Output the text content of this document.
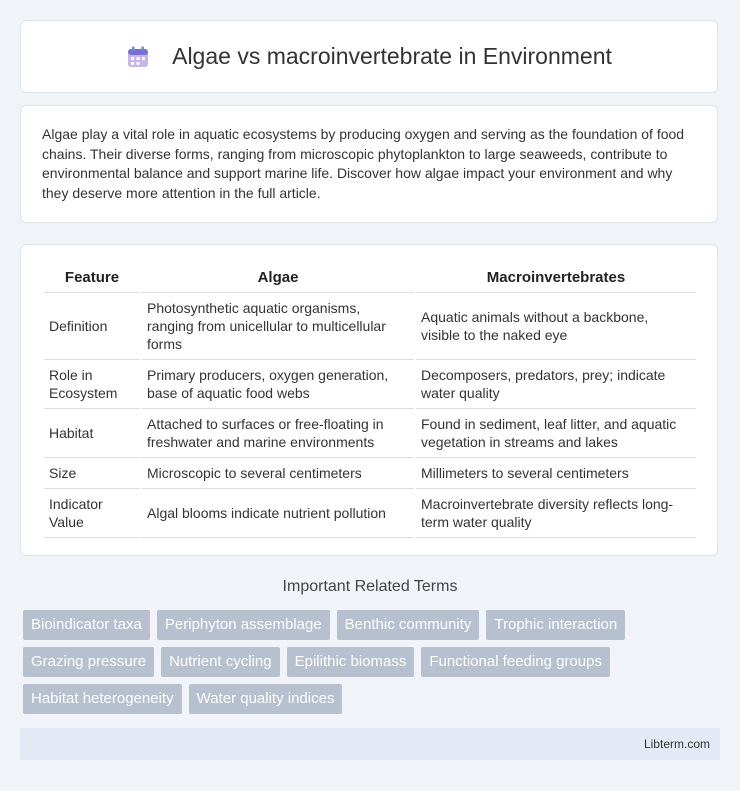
Algae vs macroinvertebrate in Environment

Algae play a vital role in aquatic ecosystems by producing oxygen and serving as the foundation of food chains. Their diverse forms, ranging from microscopic phytoplankton to large seaweeds, contribute to environmental balance and support marine life. Discover how algae impact your environment and why they deserve more attention in the full article.

Feature	Algae	Macroinvertebrates
Definition	Photosynthetic aquatic organisms, ranging from unicellular to multicellular forms	Aquatic animals without a backbone, visible to the naked eye
Role in Ecosystem	Primary producers, oxygen generation, base of aquatic food webs	Decomposers, predators, prey; indicate water quality
Habitat	Attached to surfaces or free-floating in freshwater and marine environments	Found in sediment, leaf litter, and aquatic vegetation in streams and lakes
Size	Microscopic to several centimeters	Millimeters to several centimeters
Indicator Value	Algal blooms indicate nutrient pollution	Macroinvertebrate diversity reflects long-term water quality
Important Related Terms
Bioindicator taxa	Periphyton assemblage	Benthic community	Trophic interaction
Grazing pressure	Nutrient cycling	Epilithic biomass	Functional feeding groups
Habitat heterogeneity	Water quality indices
Libterm.com
